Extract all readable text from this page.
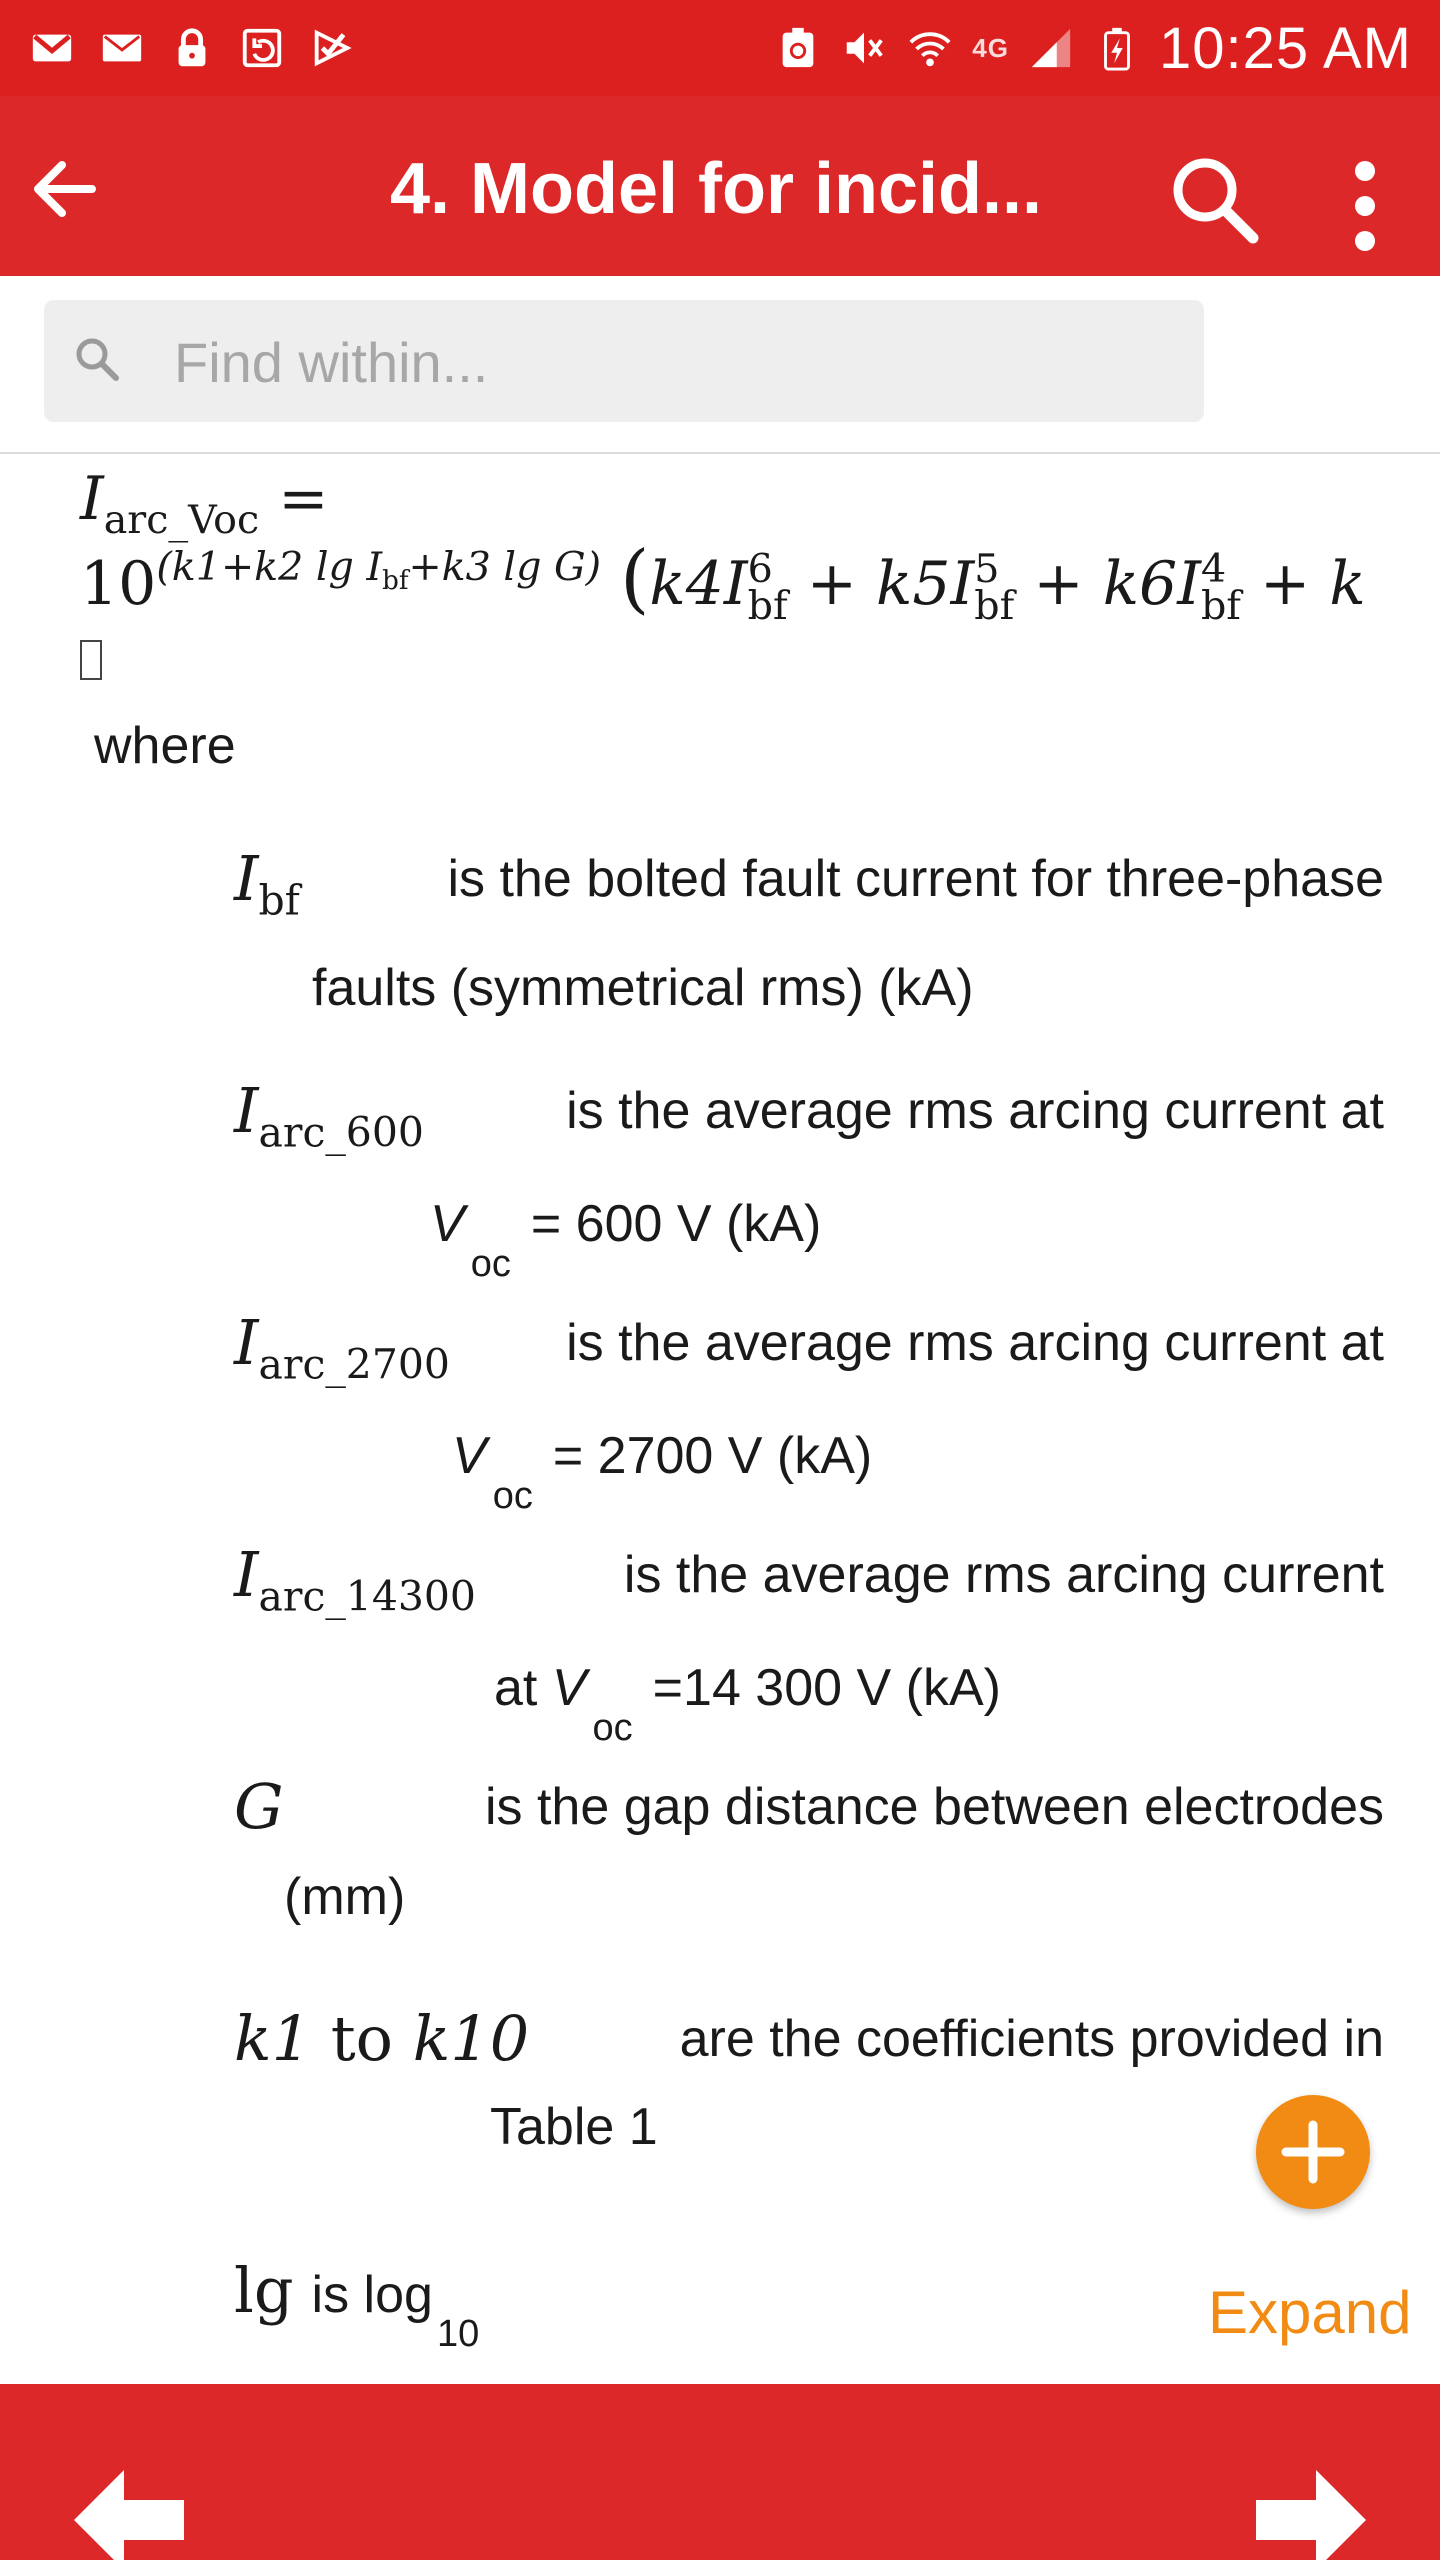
4G	10:25 AM
4. Model for incid...
Find within...
$I_{arc\_Voc}$ =
$10^{(k1+k2 lg I_{bf}+k3 lg G)}$ (k4I 6
bf + k5I 5
bf + k6I 4
bf + k
where
$I_{bf}$	is the bolted fault current for three-phase
faults (symmetrical rms) (kA)
$I_{arc\_600}$	is the average rms arcing current at
$V_{oc}= 600$ V (kA)
$I_{arc\_2700}$ is the average rms arcing current at
$V_{oc}= 2700$ V (kA)
$I_{arc\_14300}$	is the average rms arcing current
at $V_{oc}=14$ 300 V (kA)
G	is the gap distance between electrodes
(mm)
k1 to k10	are the coefficients provided in
Table 1
lg is $\log_{10}$	Expand
